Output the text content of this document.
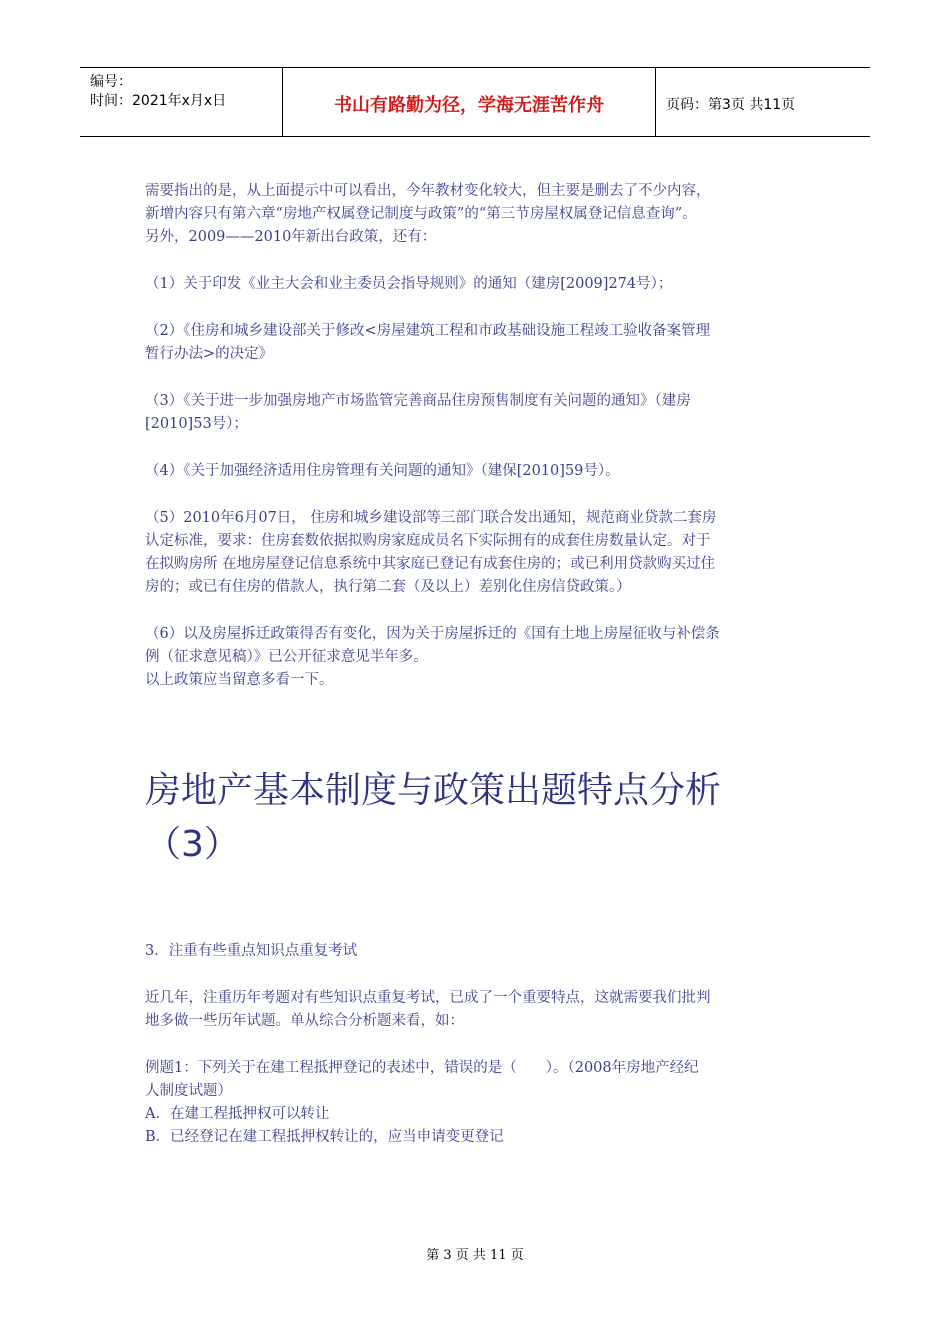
编号：
时间：2021年x月x日	书山有路勤为径，学海无涯苦作舟	页码：第3页 共11页

需要指出的是，从上面提示中可以看出，今年教材变化较大，但主要是删去了不少内容，

新增内容只有第六章“房地产权属登记制度与政策”的“第三节房屋权属登记信息查询”。

另外，2009——2010年新出台政策，还有：

（1）关于印发《业主大会和业主委员会指导规则》的通知（建房[2009]274号）；

（2）《住房和城乡建设部关于修改<房屋建筑工程和市政基础设施工程竣工验收备案管理

暂行办法>的决定》

（3）《关于进一步加强房地产市场监管完善商品住房预售制度有关问题的通知》（建房

[2010]53号）；

（4）《关于加强经济适用住房管理有关问题的通知》（建保[2010]59号）。

（5）2010年6月07日， 住房和城乡建设部等三部门联合发出通知，规范商业贷款二套房

认定标准，要求：住房套数依据拟购房家庭成员名下实际拥有的成套住房数量认定。对于

在拟购房所 在地房屋登记信息系统中其家庭已登记有成套住房的；或已利用贷款购买过住

房的；或已有住房的借款人，执行第二套（及以上）差别化住房信贷政策。）

（6）以及房屋拆迁政策得否有变化，因为关于房屋拆迁的《国有土地上房屋征收与补偿条

例（征求意见稿）》已公开征求意见半年多。

以上政策应当留意多看一下。

房地产基本制度与政策出题特点分析
（3）

3．注重有些重点知识点重复考试

近几年，注重历年考题对有些知识点重复考试，已成了一个重要特点，这就需要我们批判

地多做一些历年试题。单从综合分析题来看，如：

例题1：下列关于在建工程抵押登记的表述中，错误的是（　　）。（2008年房地产经纪

人制度试题）

A．在建工程抵押权可以转让

B．已经登记在建工程抵押权转让的，应当申请变更登记

第 3 页 共 11 页
